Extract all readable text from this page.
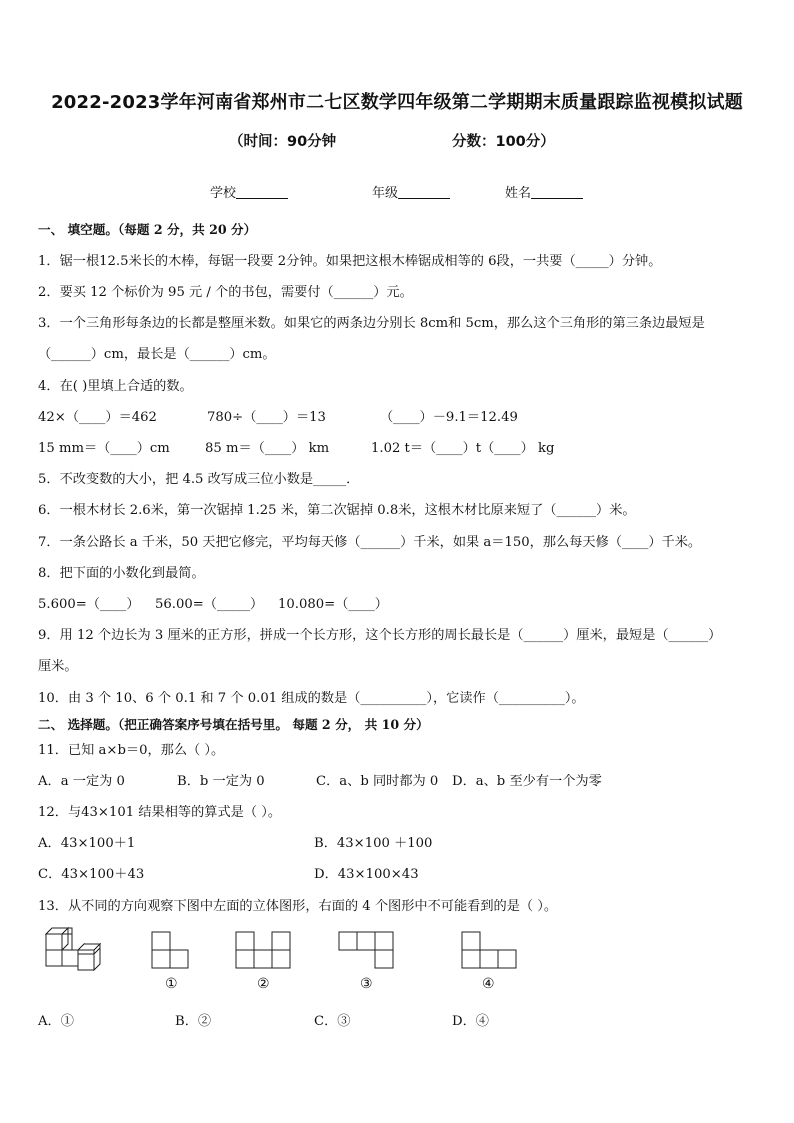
2022-2023学年河南省郑州市二七区数学四年级第二学期期末质量跟踪监视模拟试题
（时间：90分钟	分数：100分）
学校	年级	姓名
一、 填空题。（每题 2 分，共 20 分）
1．锯一根12.5米长的木棒，每锯一段要 2分钟。如果把这根木棒锯成相等的 6段，一共要（_____）分钟。
2．要买 12 个标价为 95 元 / 个的书包，需要付（______）元。
3．一个三角形每条边的长都是整厘米数。如果它的两条边分别长 8cm和 5cm，那么这个三角形的第三条边最短是
（______）cm，最长是（______）cm。
4．在( )里填上合适的数。
42×（____）＝462	780÷（____）＝13	（____）－9.1＝12.49
15 mm＝（____）cm	85 m＝（____） km	1.02 t＝（____）t（____） kg
5．不改变数的大小，把 4.5 改写成三位小数是_____．
6．一根木材长 2.6米，第一次锯掉 1.25 米，第二次锯掉 0.8米，这根木材比原来短了（______）米。
7．一条公路长 a 千米，50 天把它修完，平均每天修（______）千米，如果 a＝150，那么每天修（____）千米。
8．把下面的小数化到最简。
5.600=（____） 56.00=（_____） 10.080=（____）
9．用 12 个边长为 3 厘米的正方形，拼成一个长方形，这个长方形的周长最长是（______）厘米，最短是（______）
厘米。
10．由 3 个 10、6 个 0.1 和 7 个 0.01 组成的数是（__________），它读作（__________）。
二、 选择题。（把正确答案序号填在括号里。 每题 2 分， 共 10 分）
11．已知 a×b＝0，那么（ ）。
A．a 一定为 0	B．b 一定为 0	C．a、b 同时都为 0 D．a、b 至少有一个为零
12．与43×101 结果相等的算式是（ ）。
A．43×100＋1	B．43×100 ＋100
C．43×100＋43	D．43×100×43
13．从不同的方向观察下图中左面的立体图形，右面的 4 个图形中不可能看到的是（ ）。
①	②	③	④
A．①	B．②	C．③	D．④
